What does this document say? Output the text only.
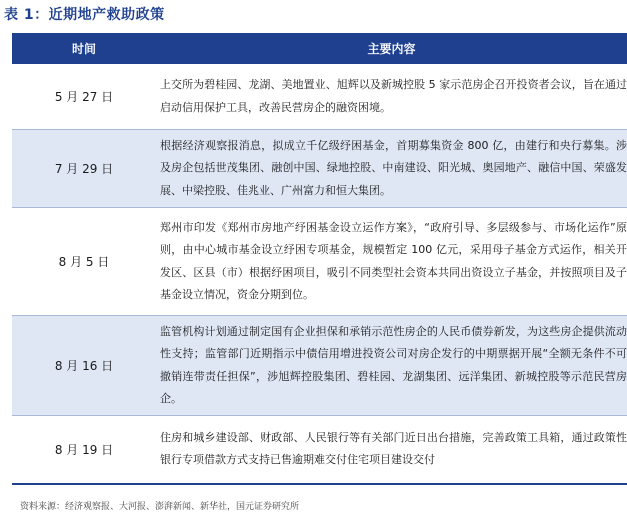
表 1：近期地产救助政策
时间	主要内容
5 月 27 日	上交所为碧桂园、龙湖、美地置业、旭辉以及新城控股 5 家示范房企召开投资者会议，旨在通过启动信用保护工具，改善民营房企的融资困境。
7 月 29 日	根据经济观察报消息，拟成立千亿级纾困基金，首期募集资金 800 亿，由建行和央行募集。涉及房企包括世茂集团、融创中国、绿地控股、中南建设、阳光城、奥园地产、融信中国、荣盛发展、中梁控股、佳兆业、广州富力和恒大集团。
8 月 5 日	郑州市印发《郑州市房地产纾困基金设立运作方案》，“政府引导、多层级参与、市场化运作”原则，由中心城市基金设立纾困专项基金，规模暂定 100 亿元，采用母子基金方式运作，相关开发区、区县（市）根据纾困项目，吸引不同类型社会资本共同出资设立子基金，并按照项目及子基金设立情况，资金分期到位。
8 月 16 日	监管机构计划通过制定国有企业担保和承销示范性房企的人民币债券新发，为这些房企提供流动性支持；监管部门近期指示中债信用增进投资公司对房企发行的中期票据开展“全额无条件不可撤销连带责任担保”，涉旭辉控股集团、碧桂园、龙湖集团、远洋集团、新城控股等示范民营房企。
8 月 19 日	住房和城乡建设部、财政部、人民银行等有关部门近日出台措施，完善政策工具箱，通过政策性银行专项借款方式支持已售逾期难交付住宅项目建设交付
资料来源：经济观察报、大河报、澎湃新闻、新华社，国元证券研究所
